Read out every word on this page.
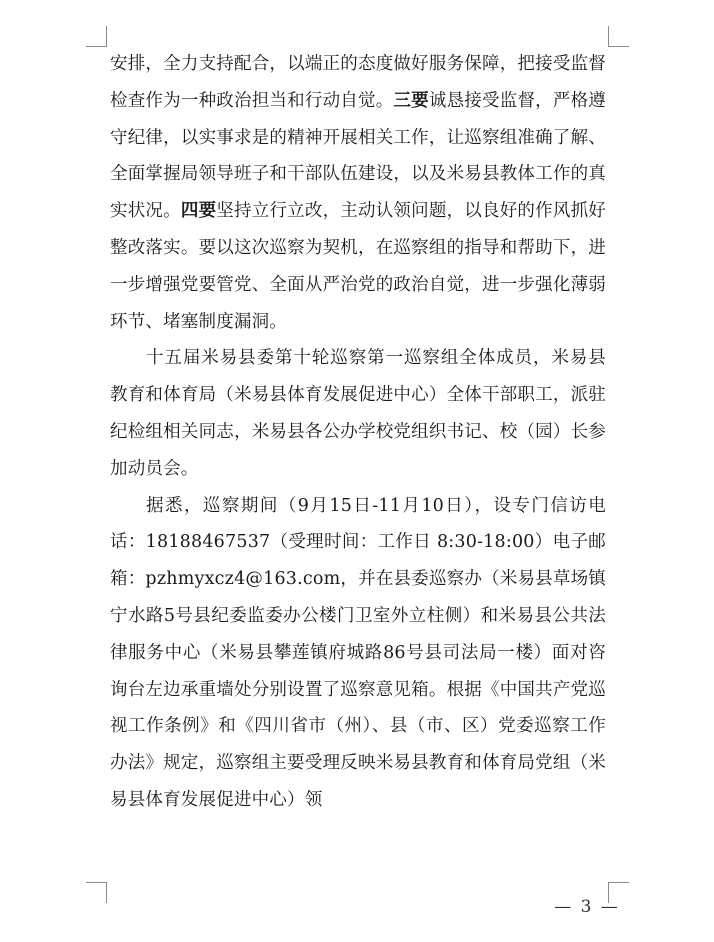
安排，全力支持配合，以端正的态度做好服务保障，把接受监督检查作为一种政治担当和行动自觉。三要诚恳接受监督，严格遵守纪律，以实事求是的精神开展相关工作，让巡察组准确了解、全面掌握局领导班子和干部队伍建设，以及米易县教体工作的真实状况。四要坚持立行立改，主动认领问题，以良好的作风抓好整改落实。要以这次巡察为契机，在巡察组的指导和帮助下，进一步增强党要管党、全面从严治党的政治自觉，进一步强化薄弱环节、堵塞制度漏洞。

十五届米易县委第十轮巡察第一巡察组全体成员，米易县教育和体育局（米易县体育发展促进中心）全体干部职工，派驻纪检组相关同志，米易县各公办学校党组织书记、校（园）长参加动员会。

据悉，巡察期间（9月15日-11月10日），设专门信访电话：18188467537（受理时间：工作日 8:30-18:00）电子邮箱：pzhmyxcz4@163.com，并在县委巡察办（米易县草场镇宁水路5号县纪委监委办公楼门卫室外立柱侧）和米易县公共法律服务中心（米易县攀莲镇府城路86号县司法局一楼）面对咨询台左边承重墙处分别设置了巡察意见箱。根据《中国共产党巡视工作条例》和《四川省市（州）、县（市、区）党委巡察工作办法》规定，巡察组主要受理反映米易县教育和体育局党组（米易县体育发展促进中心）领

— 3 —
